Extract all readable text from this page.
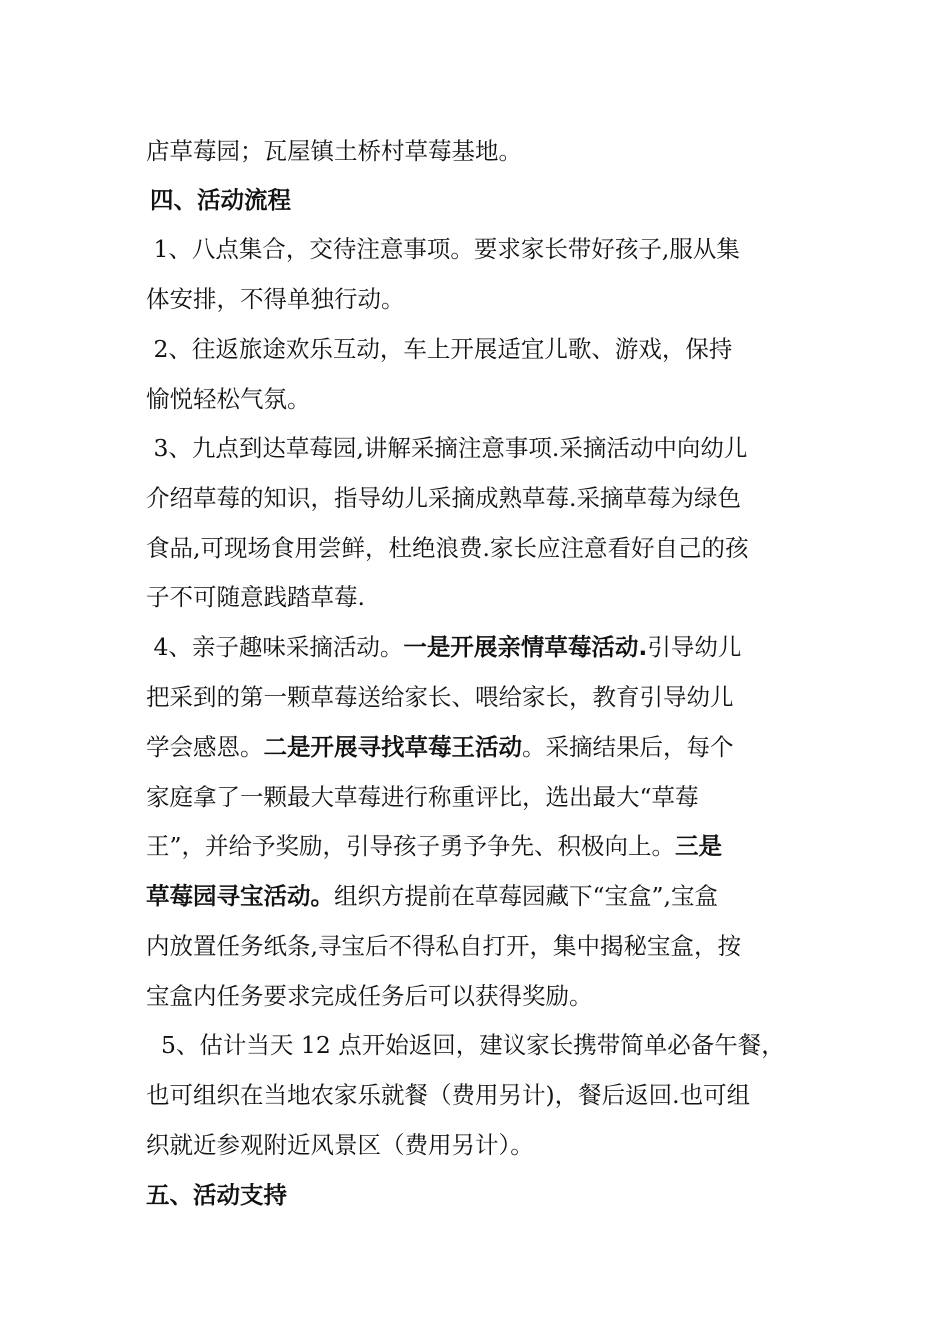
店草莓园；瓦屋镇土桥村草莓基地。
四、活动流程
1、八点集合，交待注意事项。要求家长带好孩子,服从集
体安排，不得单独行动。
2、往返旅途欢乐互动，车上开展适宜儿歌、游戏，保持
愉悦轻松气氛。
3、九点到达草莓园,讲解采摘注意事项.采摘活动中向幼儿
介绍草莓的知识，指导幼儿采摘成熟草莓.采摘草莓为绿色
食品,可现场食用尝鲜，杜绝浪费.家长应注意看好自己的孩
子不可随意践踏草莓.
4、亲子趣味采摘活动。一是开展亲情草莓活动.引导幼儿
把采到的第一颗草莓送给家长、喂给家长，教育引导幼儿
学会感恩。二是开展寻找草莓王活动。采摘结果后，每个
家庭拿了一颗最大草莓进行称重评比，选出最大“草莓
王”，并给予奖励，引导孩子勇予争先、积极向上。三是
草莓园寻宝活动。组织方提前在草莓园藏下“宝盒”,宝盒
内放置任务纸条,寻宝后不得私自打开，集中揭秘宝盒，按
宝盒内任务要求完成任务后可以获得奖励。
5、估计当天 12 点开始返回，建议家长携带简单必备午餐，
也可组织在当地农家乐就餐（费用另计)，餐后返回.也可组
织就近参观附近风景区（费用另计）。
五、活动支持
